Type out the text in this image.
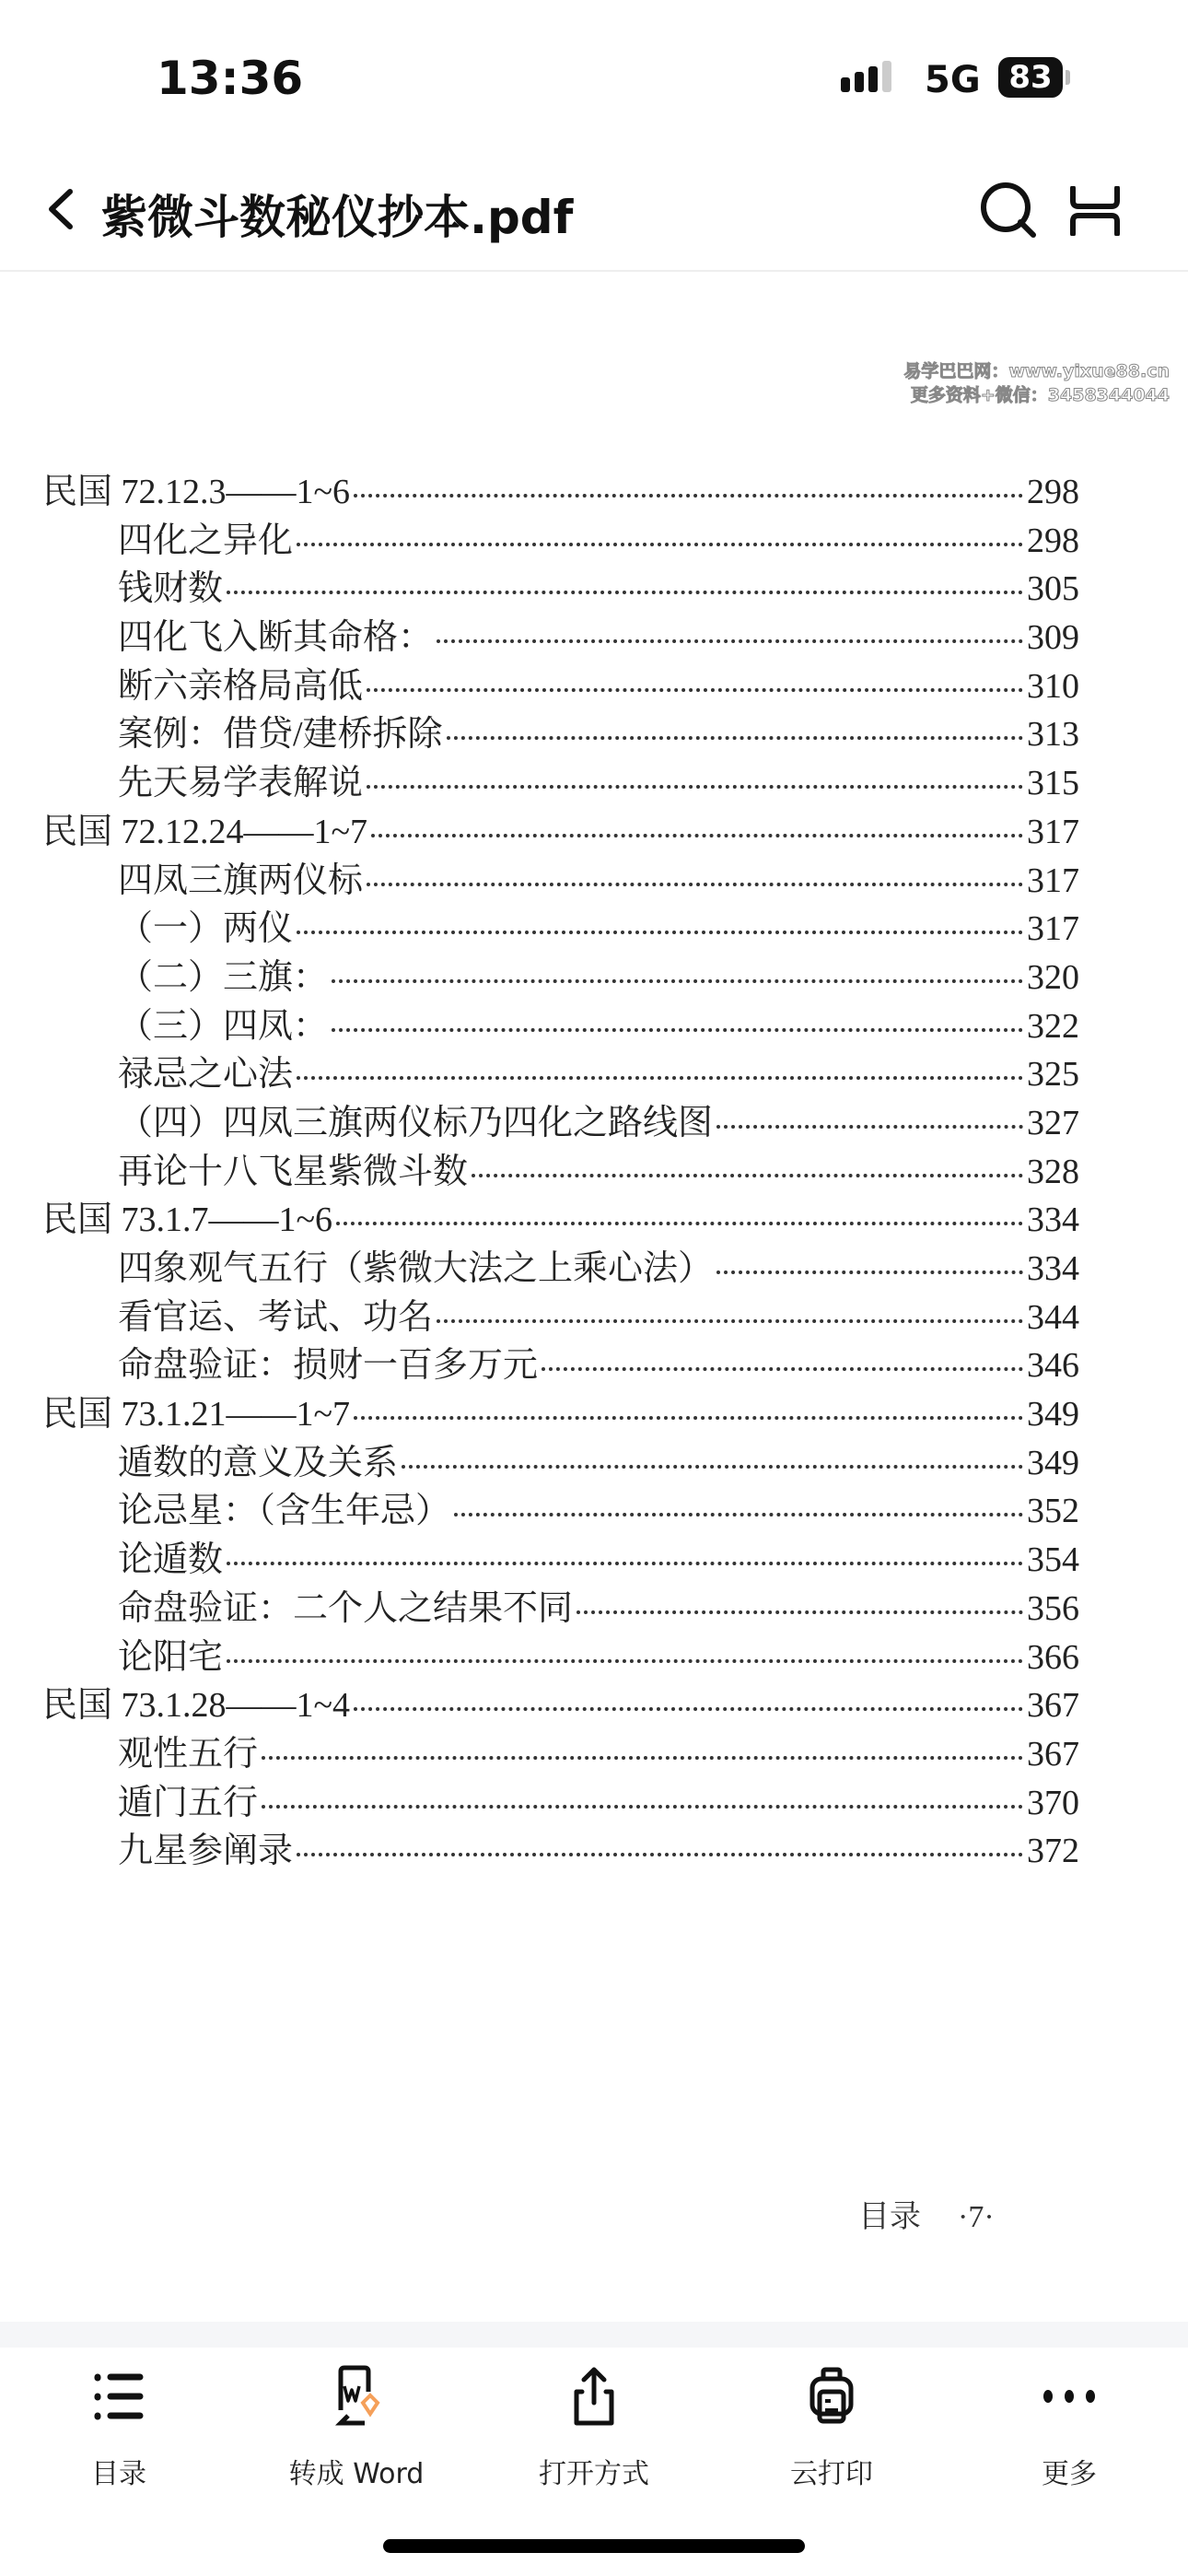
13:36	5G 83
紫微斗数秘仪抄本.pdf
民国 72.12.3——1~6	298
四化之异化	298
钱财数	305
四化飞入断其命格：	309
断六亲格局高低	310
案例：借贷/建桥拆除	313
先天易学表解说	315
民国 72.12.24——1~7	317
四凤三旗两仪标	317
（一）两仪	317
（二）三旗：	320
（三）四凤：	322
禄忌之心法	325
（四）四凤三旗两仪标乃四化之路线图	327
再论十八飞星紫微斗数	328
民国 73.1.7——1~6	334
四象观气五行（紫微大法之上乘心法）	334
看官运、考试、功名	344
命盘验证：损财一百多万元	346
民国 73.1.21——1~7	349
遁数的意义及关系	349
论忌星：（含生年忌）	352
论遁数	354
命盘验证：二个人之结果不同	356
论阳宅	366
民国 73.1.28——1~4	367
观性五行	367
遁门五行	370
九星参阐录	372
目录 ·7·
易学巴巴网：www.yixue88.cn
更多资料+微信：3458344044
目录	转成 Word	打开方式	云打印	更多
